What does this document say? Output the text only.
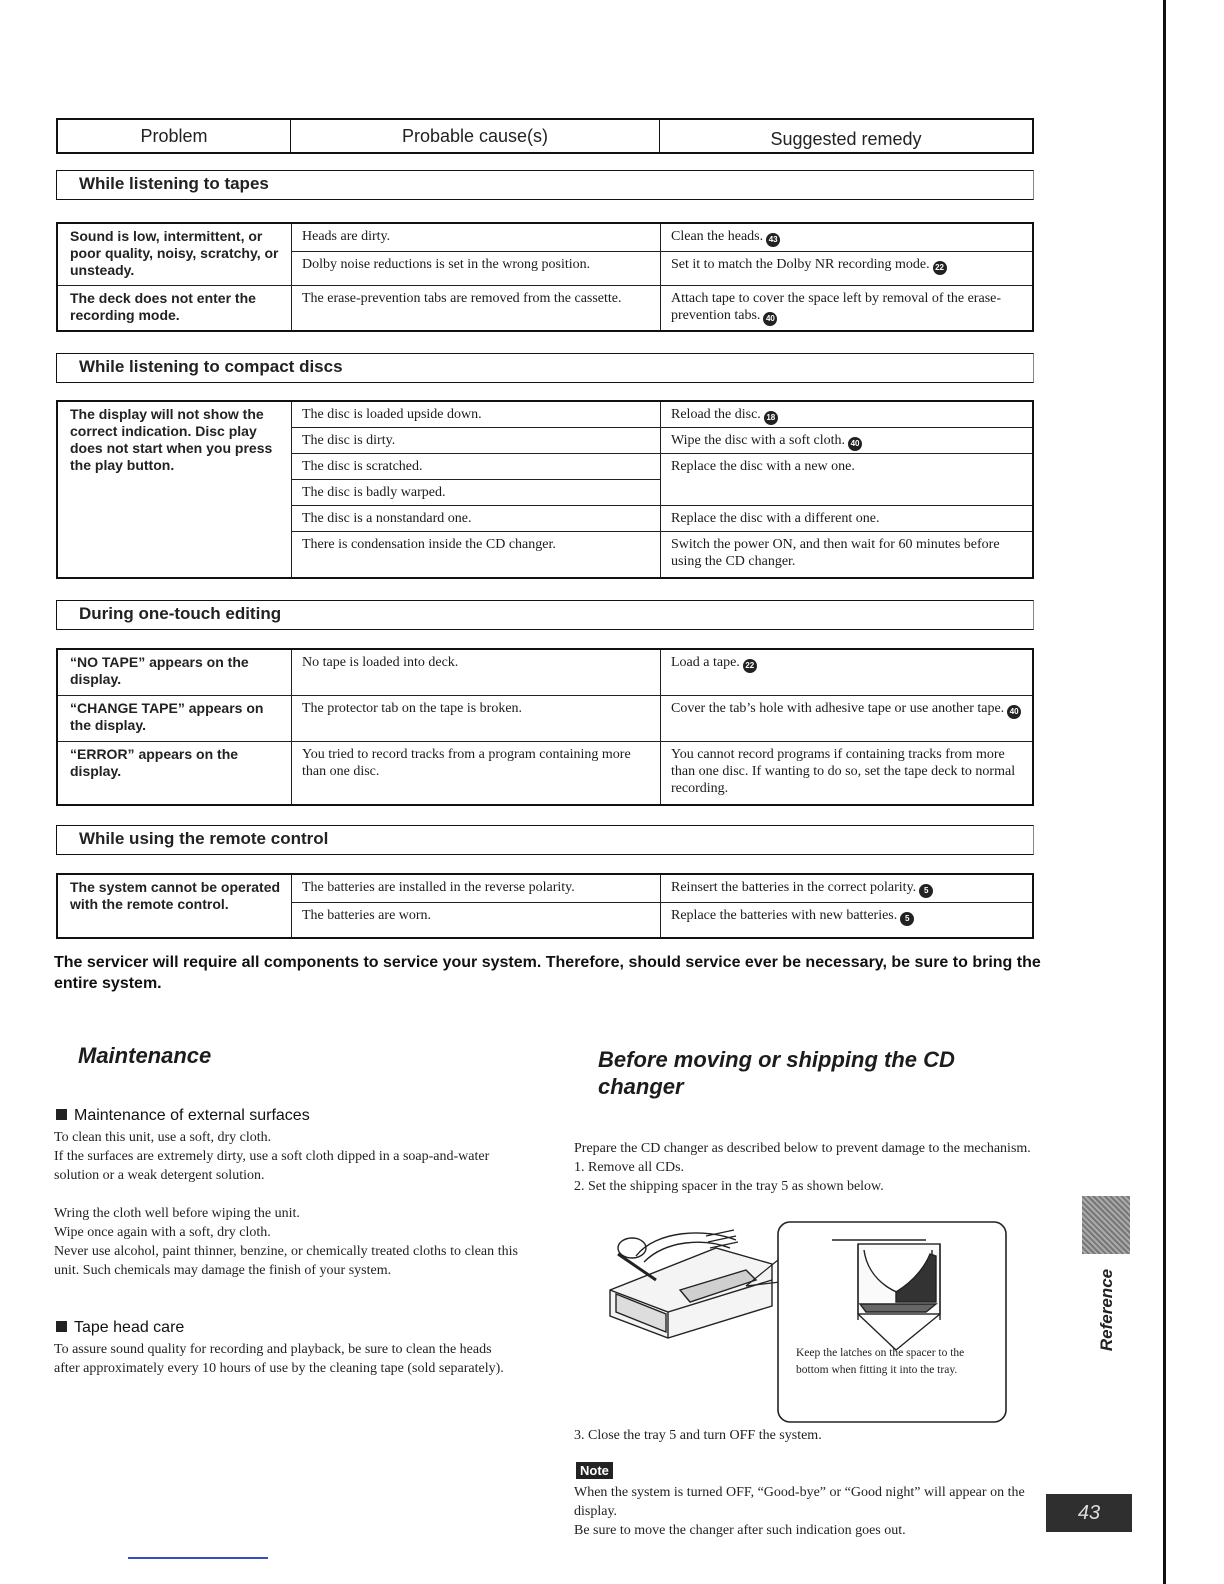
Problem	Probable cause(s)	Suggested remedy
While listening to tapes
Sound is low, intermittent, or poor quality, noisy, scratchy, or unsteady.	Heads are dirty.	Clean the heads. 43
	Dolby noise reductions is set in the wrong position.	Set it to match the Dolby NR recording mode. 22
The deck does not enter the recording mode.	The erase-prevention tabs are removed from the cassette.	Attach tape to cover the space left by removal of the erase-prevention tabs. 40
While listening to compact discs
The display will not show the correct indication. Disc play does not start when you press the play button.	The disc is loaded upside down.	Reload the disc. 18
	The disc is dirty.	Wipe the disc with a soft cloth. 40
	The disc is scratched.	Replace the disc with a new one.
	The disc is badly warped.	
	The disc is a nonstandard one.	Replace the disc with a different one.
	There is condensation inside the CD changer.	Switch the power ON, and then wait for 60 minutes before using the CD changer.
During one-touch editing
“NO TAPE” appears on the display.	No tape is loaded into deck.	Load a tape. 22
“CHANGE TAPE” appears on the display.	The protector tab on the tape is broken.	Cover the tab’s hole with adhesive tape or use another tape. 40
“ERROR” appears on the display.	You tried to record tracks from a program containing more than one disc.	You cannot record programs if containing tracks from more than one disc. If wanting to do so, set the tape deck to normal recording.
While using the remote control
The system cannot be operated with the remote control.	The batteries are installed in the reverse polarity.	Reinsert the batteries in the correct polarity. 5
	The batteries are worn.	Replace the batteries with new batteries. 5
The servicer will require all components to service your system. Therefore, should service ever be necessary, be sure to bring the entire system.
Maintenance
Maintenance of external surfaces
To clean this unit, use a soft, dry cloth.
If the surfaces are extremely dirty, use a soft cloth dipped in a soap-and-water solution or a weak detergent solution.
Wring the cloth well before wiping the unit.
Wipe once again with a soft, dry cloth.
Never use alcohol, paint thinner, benzine, or chemically treated cloths to clean this unit. Such chemicals may damage the finish of your system.
Tape head care
To assure sound quality for recording and playback, be sure to clean the heads after approximately every 10 hours of use by the cleaning tape (sold separately).
Before moving or shipping the CD
changer
Prepare the CD changer as described below to prevent damage to the mechanism.
1. Remove all CDs.
2. Set the shipping spacer in the tray 5 as shown below.
Keep the latches on the spacer to the bottom when fitting it into the tray.
3. Close the tray 5 and turn OFF the system.
Note
When the system is turned OFF, “Good-bye” or “Good night” will appear on the display.
Be sure to move the changer after such indication goes out.
Reference
43
